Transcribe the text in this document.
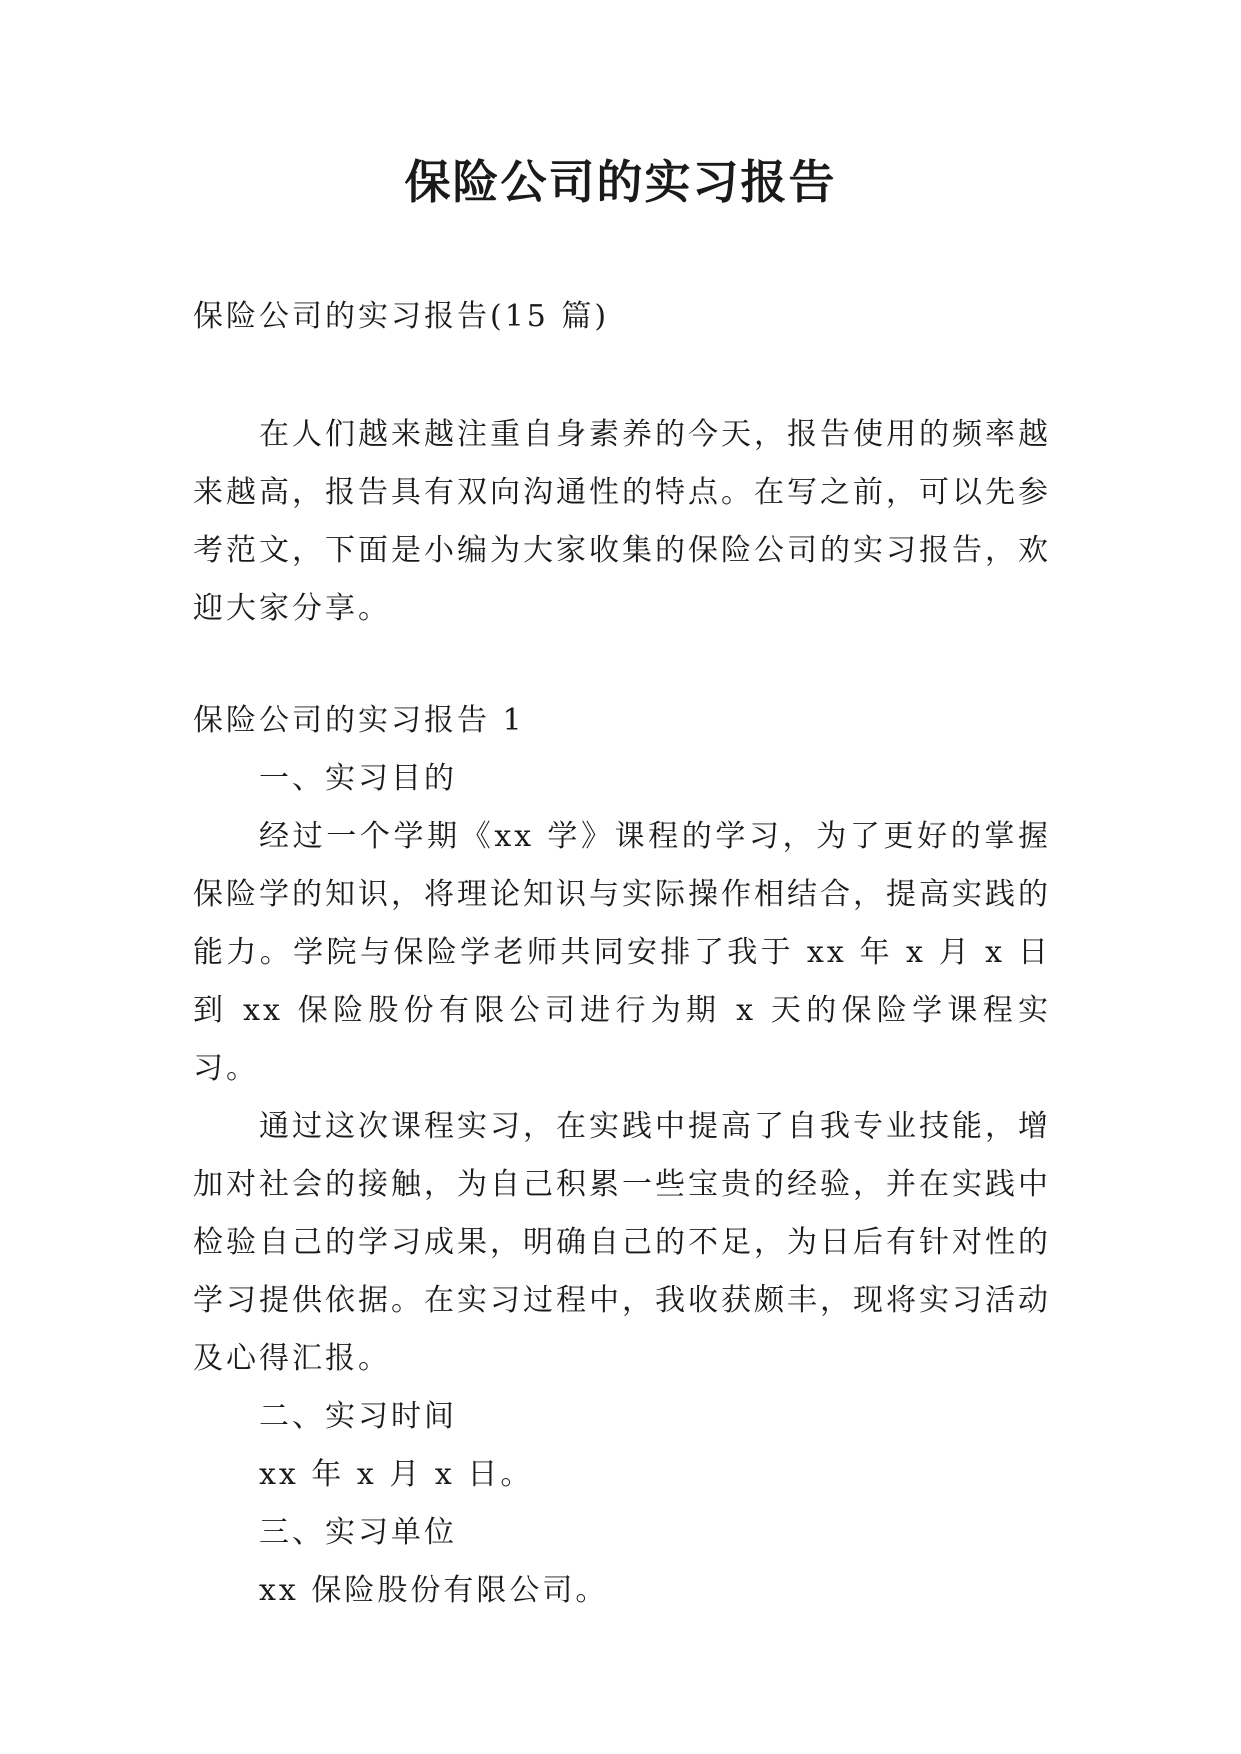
保险公司的实习报告

保险公司的实习报告(15 篇)

在人们越来越注重自身素养的今天，报告使用的频率越来越高，报告具有双向沟通性的特点。在写之前，可以先参考范文，下面是小编为大家收集的保险公司的实习报告，欢迎大家分享。

保险公司的实习报告 1

一、实习目的

经过一个学期《xx 学》课程的学习，为了更好的掌握保险学的知识，将理论知识与实际操作相结合，提高实践的能力。学院与保险学老师共同安排了我于 xx 年 x 月 x 日到 xx 保险股份有限公司进行为期 x 天的保险学课程实习。

通过这次课程实习，在实践中提高了自我专业技能，增加对社会的接触，为自己积累一些宝贵的经验，并在实践中检验自己的学习成果，明确自己的不足，为日后有针对性的学习提供依据。在实习过程中，我收获颇丰，现将实习活动及心得汇报。

二、实习时间

xx 年 x 月 x 日。

三、实习单位

xx 保险股份有限公司。
